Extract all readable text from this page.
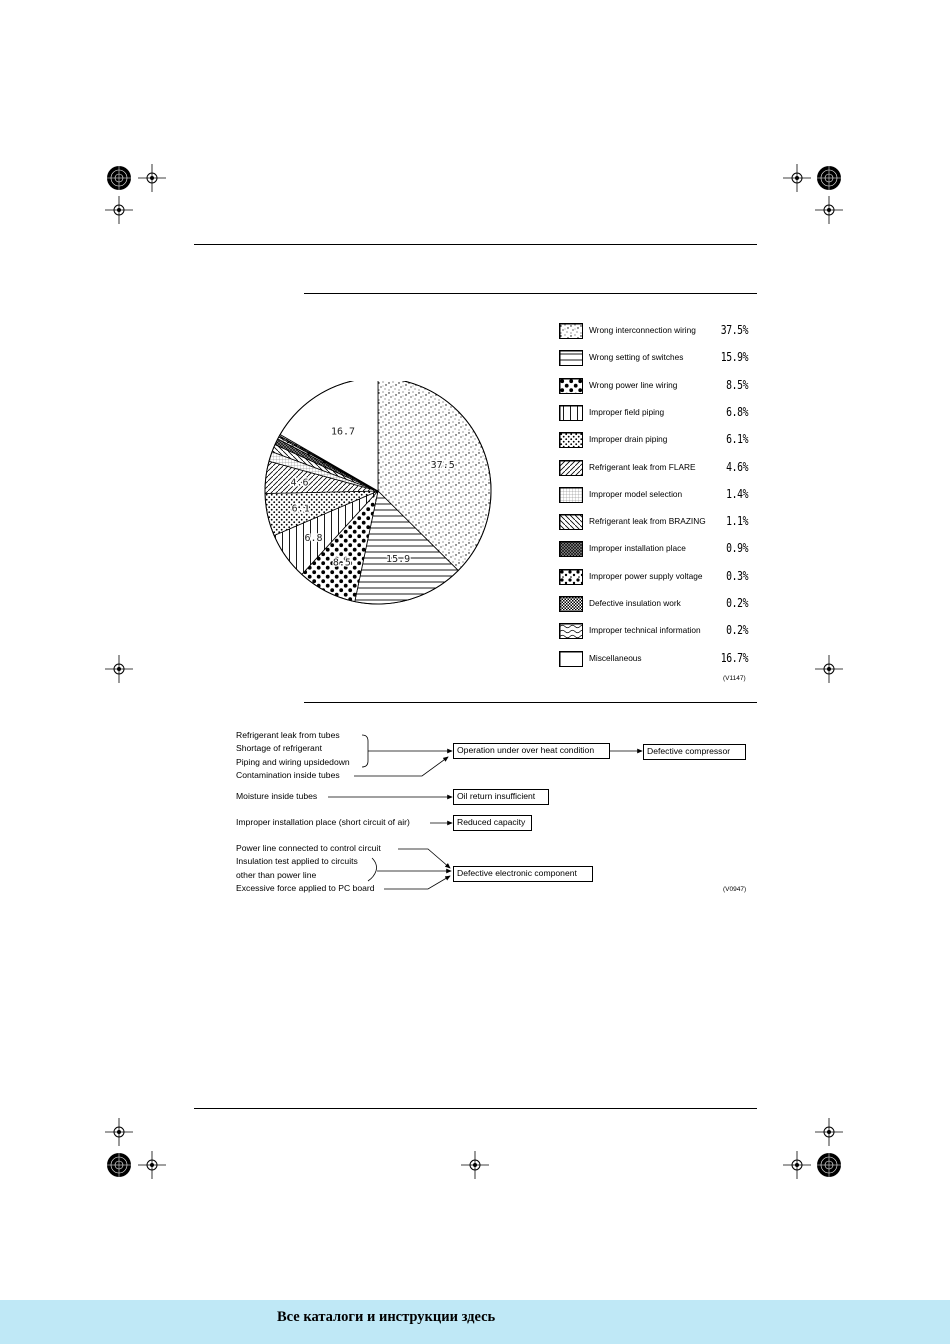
37.5
15.9
8.5
6.8
6.1
4.6
16.7
Wrong interconnection wiring 37.5%
Wrong setting of switches	15.9%
Wrong power line wiring	8.5%
Improper field piping	6.8%
Improper drain piping	6.1%
Refrigerant leak from FLARE 4.6%
Improper model selection	1.4%
Refrigerant leak from BRAZING 1.1%
Improper installation place	0.9%
Improper power supply voltage 0.3%
Defective insulation work	0.2%
Improper technical information 0.2%
Miscellaneous	16.7%
(V1147)
Refrigerant leak from tubes
Shortage of refrigerant
Piping and wiring upsidedown
Contamination inside tubes
Moisture inside tubes
Improper installation place (short circuit of air)
Power line connected to control circuit
Insulation test applied to circuits
other than power line
Excessive force applied to PC board
Operation under over heat condition	Defective compressor
Oil return insufficient
Reduced capacity
Defective electronic component
(V0947)
Все каталоги и инструкции здесь
